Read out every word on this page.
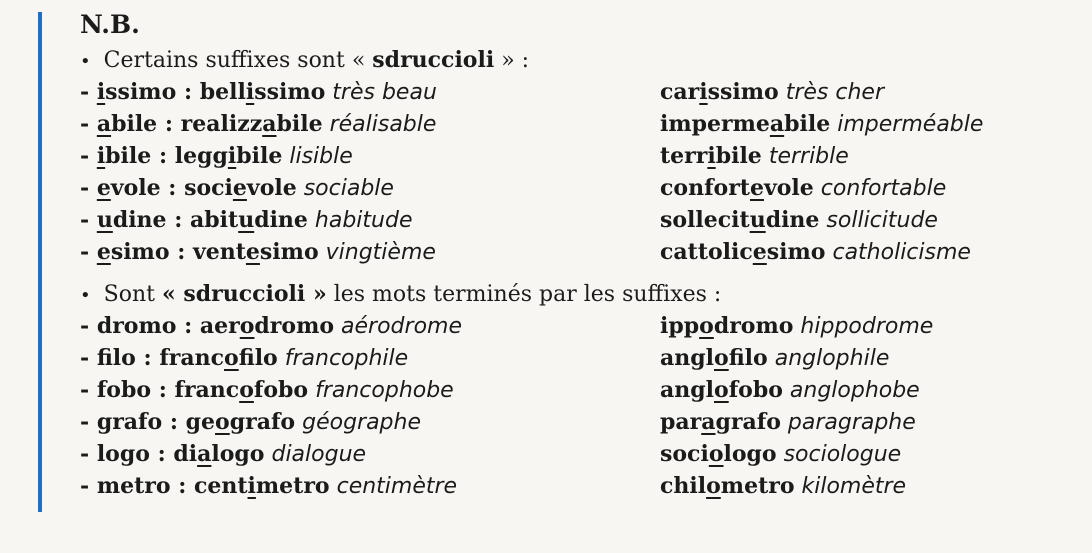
N.B.
• Certains suffixes sont « sdruccioli » :
- issimo : bellissimo très beau	carissimo très cher
- abile : realizzabile réalisable	impermeabile imperméable
- ibile : leggibile lisible	terribile terrible
- evole : socievole sociable	confortevole confortable
- udine : abitudine habitude	sollecitudine sollicitude
- esimo : ventesimo vingtième	cattolicesimo catholicisme
• Sont « sdruccioli » les mots terminés par les suffixes :
- dromo : aerodromo aérodrome	ippodromo hippodrome
- filo : francofilo francophile	anglofilo anglophile
- fobo : francofobo francophobe	anglofobo anglophobe
- grafo : geografo géographe	paragrafo paragraphe
- logo : dialogo dialogue	sociologo sociologue
- metro : centimetro centimètre	chilometro kilomètre
